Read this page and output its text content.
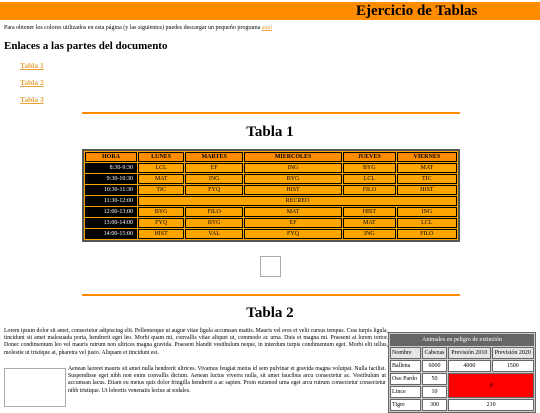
Ejercicio de Tablas
Para obtener los colores utilizados en esta página (y las siguientes) puedes descargar un pequeño programa aquí
Enlaces a las partes del documento
Tabla 1
Tabla 2
Tabla 3
Tabla 1
HORA	LUNES	MARTES	MIERCOLES	JUEVES	VIERNES
8:30-9:30	LCL	EF	ING	BYG	MAT
9:30-10:30	MAT	ING	BYG	LCL	TIC
10:30-11:30	TIC	FYQ	HIST	FILO	HIST
11:30-12:00	RECREO				
12:00-13:00	BYG	FILO	MAT	HIST	ING
13:00-14:00	FYQ	BYG	EF	MAT	LCL
14:00-15:00	HIST	VAL	FYQ	ING	FILO
Tabla 2
Lorem ipsum dolor sit amet, consectetur adipiscing elit. Pellentesque ut augue vitae ligula accumsan mattis. Mauris vel eros et velit cursus tempus. Cras turpis ligula, tincidunt sit amet malesuada porta, hendrerit eget leo. Morbi quam mi, convallis vitae aliquet ut, commodo ac urna. Duis et magna mi. Praesent at lorem tortor. Donec condimentum leo vel mauris rutrum non ultrices magna gravida. Praesent blandit vestibulum neque, in interdum turpis condimentum eget. Morbi elit tellus, molestie ut tristique at, pharetra vel justo. Aliquam et tincidunt est.
Aenean laoreet mauris sit amet nulla hendrerit ultrices. Vivamus feugiat metus id sem pulvinar et gravida magna volutpat. Nulla facilisi. Suspendisse eget nibh non enim convallis dictum. Aenean luctus viverra nulla, sit amet faucibus arcu consectetur ac. Vestibulum ut accumsan lacus. Etiam eu metus quis dolor fringilla hendrerit a ac sapien. Proin euismod urna eget arcu rutrum consectetur consectetur nibh tristique. Ut lobortis venenatis lectus at sodales.
Animales en peligro de extinción			
Nombre	Cabezas	Previsión 2010	Previsión 2020
Ballena	6000	4000	1500
Oso Pardo	50	0	
Lince	10		
Tigre	300	210	
